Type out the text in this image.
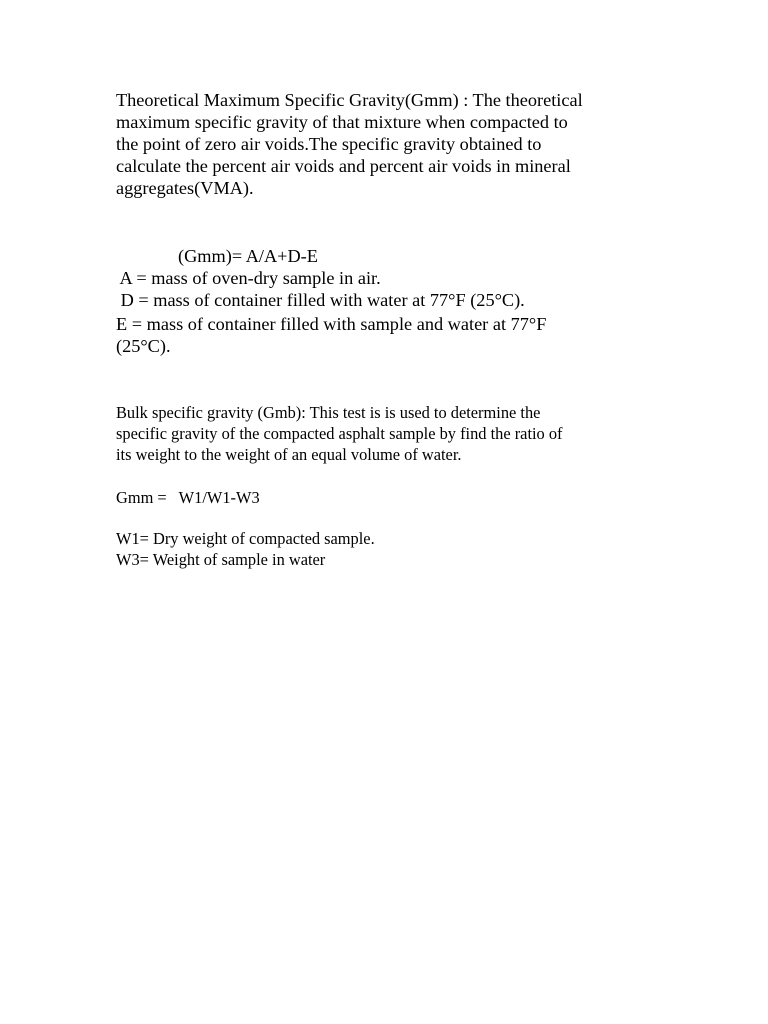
Theoretical Maximum Specific Gravity(Gmm) : The theoretical
maximum specific gravity of that mixture when compacted to
the point of zero air voids.The specific gravity obtained to
calculate the percent air voids and percent air voids in mineral
aggregates(VMA).

(Gmm)= A/A+D-E

A = mass of oven-dry sample in air.

D = mass of container filled with water at 77°F (25°C).

E = mass of container filled with sample and water at 77°F
(25°C).

Bulk specific gravity (Gmb): This test is is used to determine the
specific gravity of the compacted asphalt sample by find the ratio of
its weight to the weight of an equal volume of water.

Gmm =   W1/W1-W3

W1= Dry weight of compacted sample.

W3= Weight of sample in water
